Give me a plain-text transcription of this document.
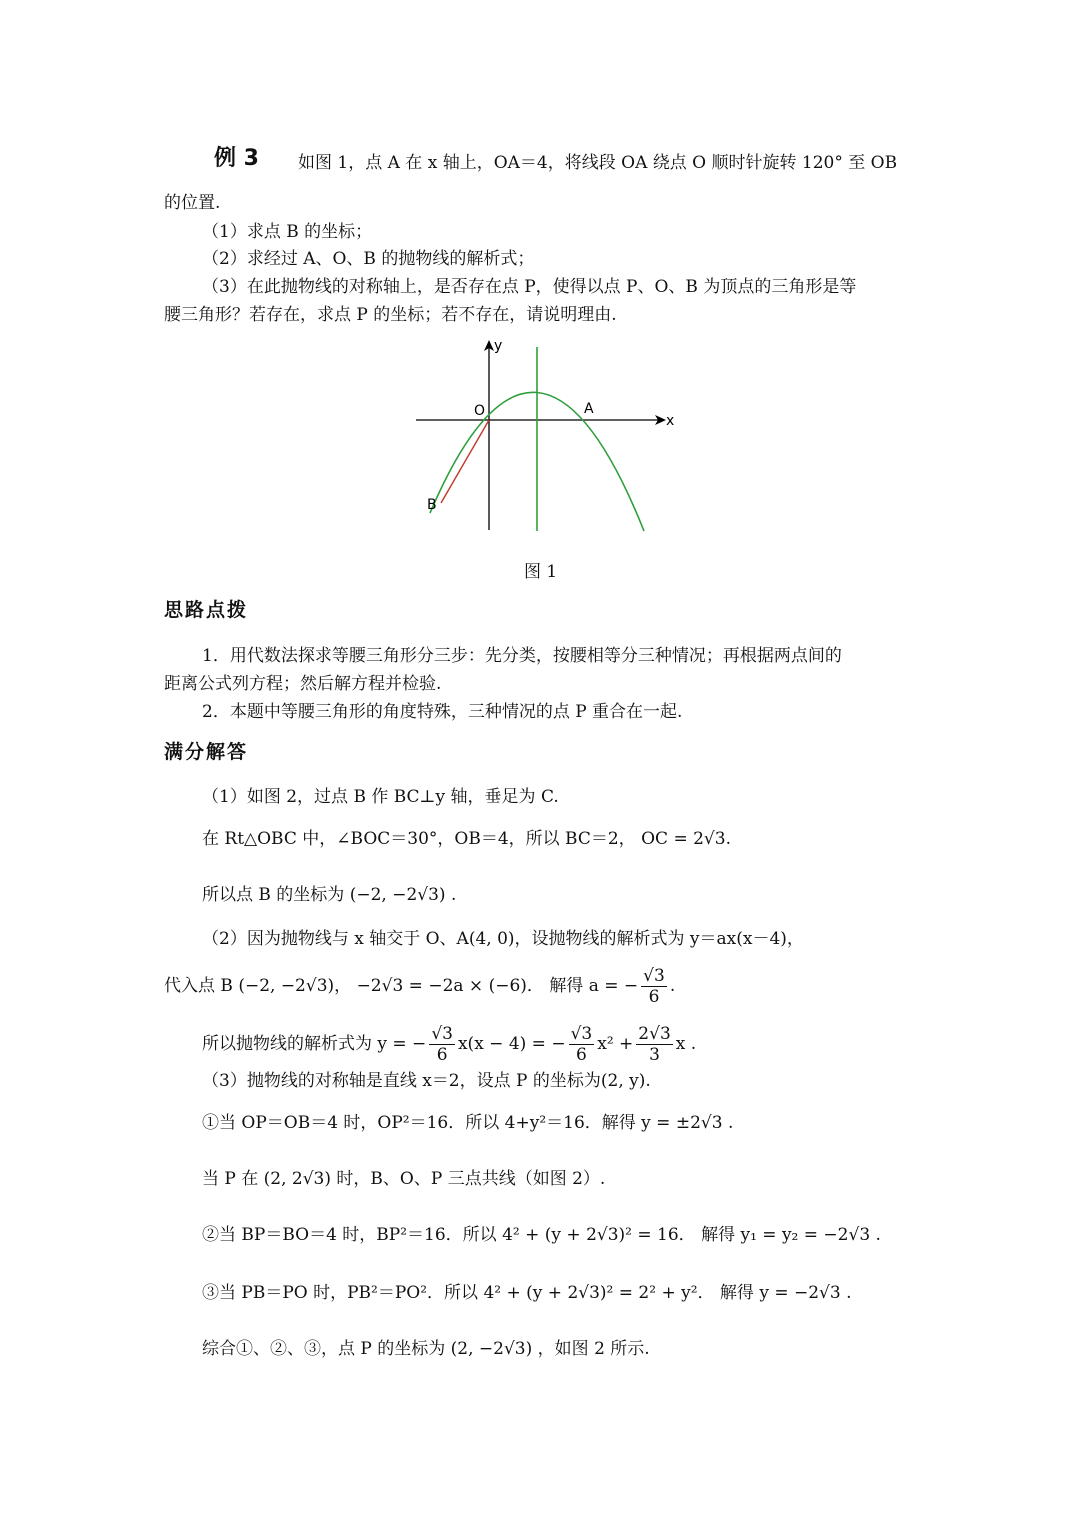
例 3 如图 1，点 A 在 x 轴上，OA＝4，将线段 OA 绕点 O 顺时针旋转 120° 至 OB
的位置.
（1）求点 B 的坐标；
（2）求经过 A、O、B 的抛物线的解析式；
（3）在此抛物线的对称轴上，是否存在点 P，使得以点 P、O、B 为顶点的三角形是等
腰三角形？若存在，求点 P 的坐标；若不存在，请说明理由.
y
x
O	A
B
图 1
思路点拨
1．用代数法探求等腰三角形分三步：先分类，按腰相等分三种情况；再根据两点间的
距离公式列方程；然后解方程并检验.
2．本题中等腰三角形的角度特殊，三种情况的点 P 重合在一起.
满分解答
（1）如图 2，过点 B 作 BC⊥y 轴，垂足为 C.
在 Rt△OBC 中，∠BOC＝30°，OB＝4，所以 BC＝2， OC = 2√3.
所以点 B 的坐标为 (−2, −2√3) .
（2）因为抛物线与 x 轴交于 O、A(4, 0)，设抛物线的解析式为 y＝ax(x－4)，
代入点 B (−2, −2√3)， −2√3 = −2a × (−6)． 解得 a = − $\frac{√3}{6}$ .
所以抛物线的解析式为 y = − $\frac{√3}{6} x(x - 4)$ = − $\frac{√3}{6} x^2 + \frac{2√3}{3}$ x .
（3）抛物线的对称轴是直线 x＝2，设点 P 的坐标为(2, y).
①当 OP＝OB＝4 时，OP²＝16．所以 4+y²＝16．解得 y = ±2√3 .
当 P 在 (2, 2√3) 时，B、O、P 三点共线（如图 2）.
②当 BP＝BO＝4 时，BP²＝16．所以 4² + (y + 2√3)² = 16． 解得 y₁ = y₂ = −2√3 .
③当 PB＝PO 时，PB²＝PO²．所以 4² + (y + 2√3)² = 2² + y²． 解得 y = −2√3 .
综合①、②、③，点 P 的坐标为 (2, −2√3) ，如图 2 所示.
